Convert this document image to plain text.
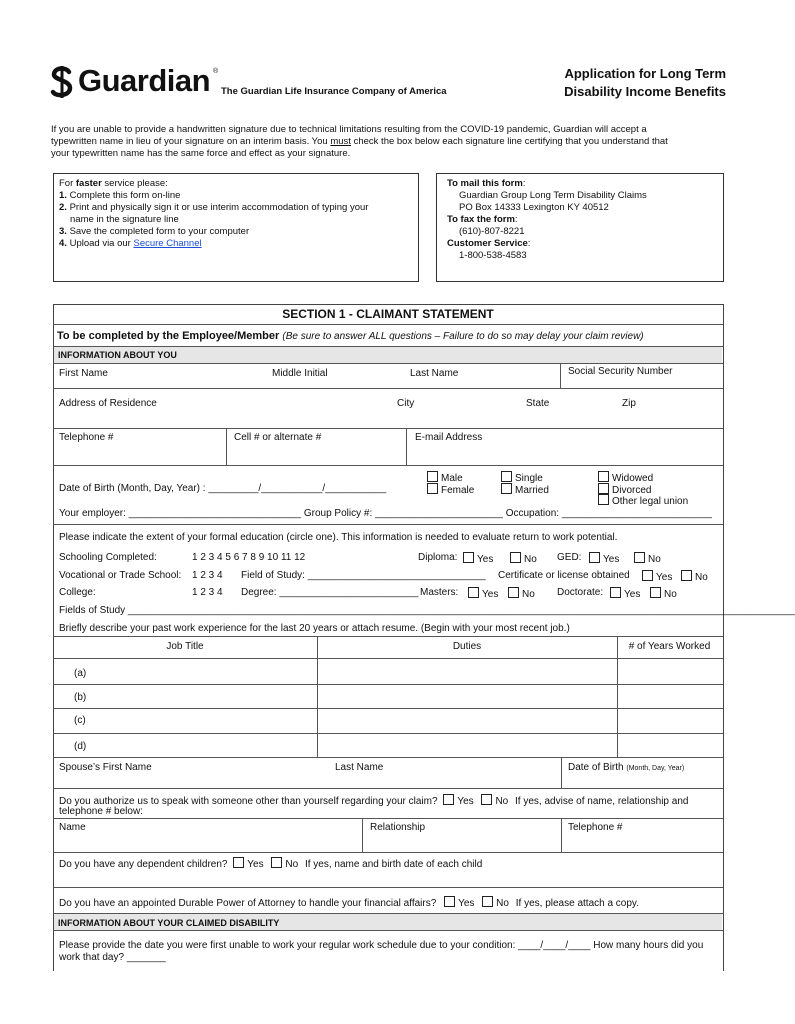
Guardian ®
The Guardian Life Insurance Company of America
Application for Long Term
Disability Income Benefits
If you are unable to provide a handwritten signature due to technical limitations resulting from the COVID-19 pandemic, Guardian will accept a
typewritten name in lieu of your signature on an interim basis. You must check the box below each signature line certifying that you understand that
your typewritten name has the same force and effect as your signature.
For faster service please:
1. Complete this form on-line
2. Print and physically sign it or use interim accommodation of typing your
name in the signature line
3. Save the completed form to your computer
4. Upload via our Secure Channel
To mail this form:
Guardian Group Long Term Disability Claims
PO Box 14333 Lexington KY 40512
To fax the form:
(610)-807-8221
Customer Service:
1-800-538-4583
SECTION 1 - CLAIMANT STATEMENT
To be completed by the Employee/Member (Be sure to answer ALL questions – Failure to do so may delay your claim review)
INFORMATION ABOUT YOU
First Name	Middle Initial	Last Name	Social Security Number
Address of Residence	City	State	Zip
Telephone #	Cell # or alternate #	E-mail Address
Date of Birth (Month, Day, Year) : _________/___________/___________
Male
Female
Single
Married
Widowed
Divorced
Other legal union
Your employer: _______________________________ Group Policy #: _______________________ Occupation: ___________________________
Please indicate the extent of your formal education (circle one). This information is needed to evaluate return to work potential.
Schooling Completed:	1 2 3 4 5 6 7 8 9 10 11 12	Diploma:	Yes	No GED:	Yes	No
Vocational or Trade School: 1 2 3 4 Field of Study: ________________________________ Certificate or license obtained	Yes	No
College:	1 2 3 4 Degree: _________________________ Masters:	Yes	No Doctorate:	Yes	No
Fields of Study ________________________________________________________________________________________________________________________
Briefly describe your past work experience for the last 20 years or attach resume. (Begin with your most recent job.)
Job Title	Duties	# of Years Worked
(a)
(b)
(c)
(d)
Spouse’s First Name	Last Name	Date of Birth (Month, Day, Year)
Do you authorize us to speak with someone other than yourself regarding your claim? Yes No If yes, advise of name, relationship and
telephone # below:
Name	Relationship	Telephone #
Do you have any dependent children? Yes No If yes, name and birth date of each child
Do you have an appointed Durable Power of Attorney to handle your financial affairs? Yes No If yes, please attach a copy.
INFORMATION ABOUT YOUR CLAIMED DISABILITY
Please provide the date you were first unable to work your regular work schedule due to your condition: ____/____/____ How many hours did you
work that day? _______
